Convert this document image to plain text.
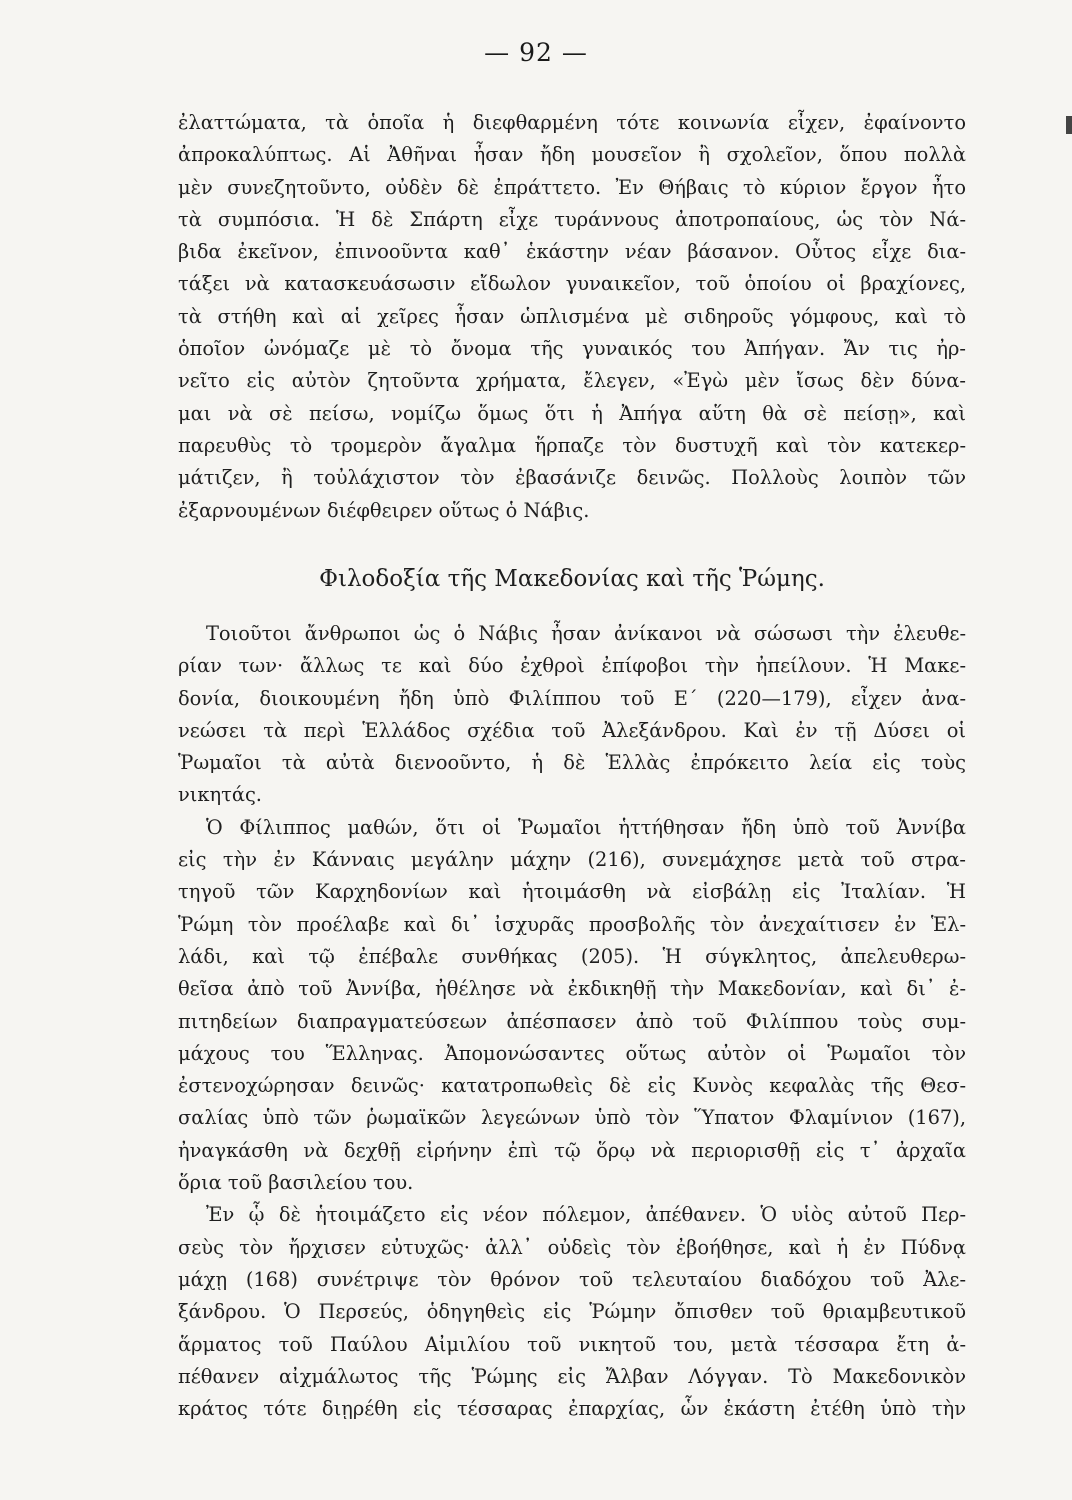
— 92 —
ἐλαττώματα, τὰ ὁποῖα ἡ διεφθαρμένη τότε κοινωνία εἶχεν, ἐφαίνοντο
ἀπροκαλύπτως. Αἱ Ἀθῆναι ἦσαν ἤδη μουσεῖον ἢ σχολεῖον, ὅπου πολλὰ
μὲν συνεζητοῦντο, οὐδὲν δὲ ἐπράττετο. Ἐν Θήβαις τὸ κύριον ἔργον ἦτο
τὰ συμπόσια. Ἡ δὲ Σπάρτη εἶχε τυράννους ἀποτροπαίους, ὡς τὸν Νά-
βιδα ἐκεῖνον, ἐπινοοῦντα καθ᾽ ἑκάστην νέαν βάσανον. Οὗτος εἶχε δια-
τάξει νὰ κατασκευάσωσιν εἴδωλον γυναικεῖον, τοῦ ὁποίου οἱ βραχίονες,
τὰ στήθη καὶ αἱ χεῖρες ἦσαν ὡπλισμένα μὲ σιδηροῦς γόμφους, καὶ τὸ
ὁποῖον ὠνόμαζε μὲ τὸ ὄνομα τῆς γυναικός του Ἀπήγαν. Ἄν τις ἠρ-
νεῖτο εἰς αὐτὸν ζητοῦντα χρήματα, ἔλεγεν, «Ἐγὼ μὲν ἴσως δὲν δύνα-
μαι νὰ σὲ πείσω, νομίζω ὅμως ὅτι ἡ Ἀπήγα αὕτη θὰ σὲ πείσῃ», καὶ
παρευθὺς τὸ τρομερὸν ἄγαλμα ἥρπαζε τὸν δυστυχῆ καὶ τὸν κατεκερ-
μάτιζεν, ἢ τοὐλάχιστον τὸν ἐβασάνιζε δεινῶς. Πολλοὺς λοιπὸν τῶν
ἐξαρνουμένων διέφθειρεν οὕτως ὁ Νάβις.
Φιλοδοξία τῆς Μακεδονίας καὶ τῆς Ῥώμης.
Τοιοῦτοι ἄνθρωποι ὡς ὁ Νάβις ἦσαν ἀνίκανοι νὰ σώσωσι τὴν ἐλευθε-
ρίαν των· ἄλλως τε καὶ δύο ἐχθροὶ ἐπίφοβοι τὴν ἠπείλουν. Ἡ Μακε-
δονία, διοικουμένη ἤδη ὑπὸ Φιλίππου τοῦ Ε΄ (220—179), εἶχεν ἀνα-
νεώσει τὰ περὶ Ἑλλάδος σχέδια τοῦ Ἀλεξάνδρου. Καὶ ἐν τῇ Δύσει οἱ
Ῥωμαῖοι τὰ αὐτὰ διενοοῦντο, ἡ δὲ Ἑλλὰς ἐπρόκειτο λεία εἰς τοὺς
νικητάς.
Ὁ Φίλιππος μαθών, ὅτι οἱ Ῥωμαῖοι ἡττήθησαν ἤδη ὑπὸ τοῦ Ἀννίβα
εἰς τὴν ἐν Κάνναις μεγάλην μάχην (216), συνεμάχησε μετὰ τοῦ στρα-
τηγοῦ τῶν Καρχηδονίων καὶ ἡτοιμάσθη νὰ εἰσβάλῃ εἰς Ἰταλίαν. Ἡ
Ῥώμη τὸν προέλαβε καὶ δι᾽ ἰσχυρᾶς προσβολῆς τὸν ἀνεχαίτισεν ἐν Ἑλ-
λάδι, καὶ τῷ ἐπέβαλε συνθήκας (205). Ἡ σύγκλητος, ἀπελευθερω-
θεῖσα ἀπὸ τοῦ Ἀννίβα, ἠθέλησε νὰ ἐκδικηθῇ τὴν Μακεδονίαν, καὶ δι᾽ ἐ-
πιτηδείων διαπραγματεύσεων ἀπέσπασεν ἀπὸ τοῦ Φιλίππου τοὺς συμ-
μάχους του Ἕλληνας. Ἀπομονώσαντες οὕτως αὐτὸν οἱ Ῥωμαῖοι τὸν
ἐστενοχώρησαν δεινῶς· κατατροπωθεὶς δὲ εἰς Κυνὸς κεφαλὰς τῆς Θεσ-
σαλίας ὑπὸ τῶν ῥωμαϊκῶν λεγεώνων ὑπὸ τὸν Ὕπατον Φλαμίνιον (167),
ἠναγκάσθη νὰ δεχθῇ εἰρήνην ἐπὶ τῷ ὅρῳ νὰ περιορισθῇ εἰς τ᾽ ἀρχαῖα
ὅρια τοῦ βασιλείου του.
Ἐν ᾧ δὲ ἡτοιμάζετο εἰς νέον πόλεμον, ἀπέθανεν. Ὁ υἱὸς αὐτοῦ Περ-
σεὺς τὸν ἤρχισεν εὐτυχῶς· ἀλλ᾽ οὐδεὶς τὸν ἐβοήθησε, καὶ ἡ ἐν Πύδνᾳ
μάχῃ (168) συνέτριψε τὸν θρόνον τοῦ τελευταίου διαδόχου τοῦ Ἀλε-
ξάνδρου. Ὁ Περσεύς, ὁδηγηθεὶς εἰς Ῥώμην ὄπισθεν τοῦ θριαμβευτικοῦ
ἅρματος τοῦ Παύλου Αἰμιλίου τοῦ νικητοῦ του, μετὰ τέσσαρα ἔτη ἀ-
πέθανεν αἰχμάλωτος τῆς Ῥώμης εἰς Ἄλβαν Λόγγαν. Τὸ Μακεδονικὸν
κράτος τότε διῃρέθη εἰς τέσσαρας ἐπαρχίας, ὧν ἑκάστη ἐτέθη ὑπὸ τὴν
